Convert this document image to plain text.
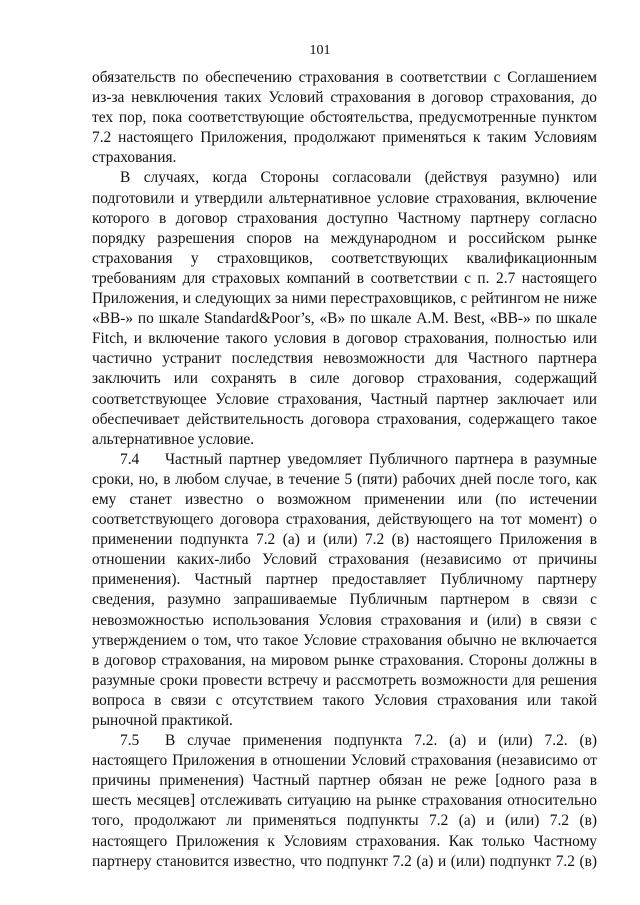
101

обязательств по обеспечению страхования в соответствии с Соглашением из-за невключения таких Условий страхования в договор страхования, до тех пор, пока соответствующие обстоятельства, предусмотренные пунктом 7.2 настоящего Приложения, продолжают применяться к таким Условиям страхования.

В случаях, когда Стороны согласовали (действуя разумно) или подготовили и утвердили альтернативное условие страхования, включение которого в договор страхования доступно Частному партнеру согласно порядку разрешения споров на международном и российском рынке страхования у страховщиков, соответствующих квалификационным требованиям для страховых компаний в соответствии с п. 2.7 настоящего Приложения, и следующих за ними перестраховщиков, с рейтингом не ниже «BB-» по шкале Standard&Poor’s, «B» по шкале A.M. Best, «BB-» по шкале Fitch, и включение такого условия в договор страхования, полностью или частично устранит последствия невозможности для Частного партнера заключить или сохранять в силе договор страхования, содержащий соответствующее Условие страхования, Частный партнер заключает или обеспечивает действительность договора страхования, содержащего такое альтернативное условие.

7.4 Частный партнер уведомляет Публичного партнера в разумные сроки, но, в любом случае, в течение 5 (пяти) рабочих дней после того, как ему станет известно о возможном применении или (по истечении соответствующего договора страхования, действующего на тот момент) о применении подпункта 7.2 (а) и (или) 7.2 (в) настоящего Приложения в отношении каких-либо Условий страхования (независимо от причины применения). Частный партнер предоставляет Публичному партнеру сведения, разумно запрашиваемые Публичным партнером в связи с невозможностью использования Условия страхования и (или) в связи с утверждением о том, что такое Условие страхования обычно не включается в договор страхования, на мировом рынке страхования. Стороны должны в разумные сроки провести встречу и рассмотреть возможности для решения вопроса в связи с отсутствием такого Условия страхования или такой рыночной практикой.

7.5 В случае применения подпункта 7.2. (а) и (или) 7.2. (в) настоящего Приложения в отношении Условий страхования (независимо от причины применения) Частный партнер обязан не реже [одного раза в шесть месяцев] отслеживать ситуацию на рынке страхования относительно того, продолжают ли применяться подпункты 7.2 (а) и (или) 7.2 (в) настоящего Приложения к Условиям страхования. Как только Частному партнеру становится известно, что подпункт 7.2 (а) и (или) подпункт 7.2 (в)
